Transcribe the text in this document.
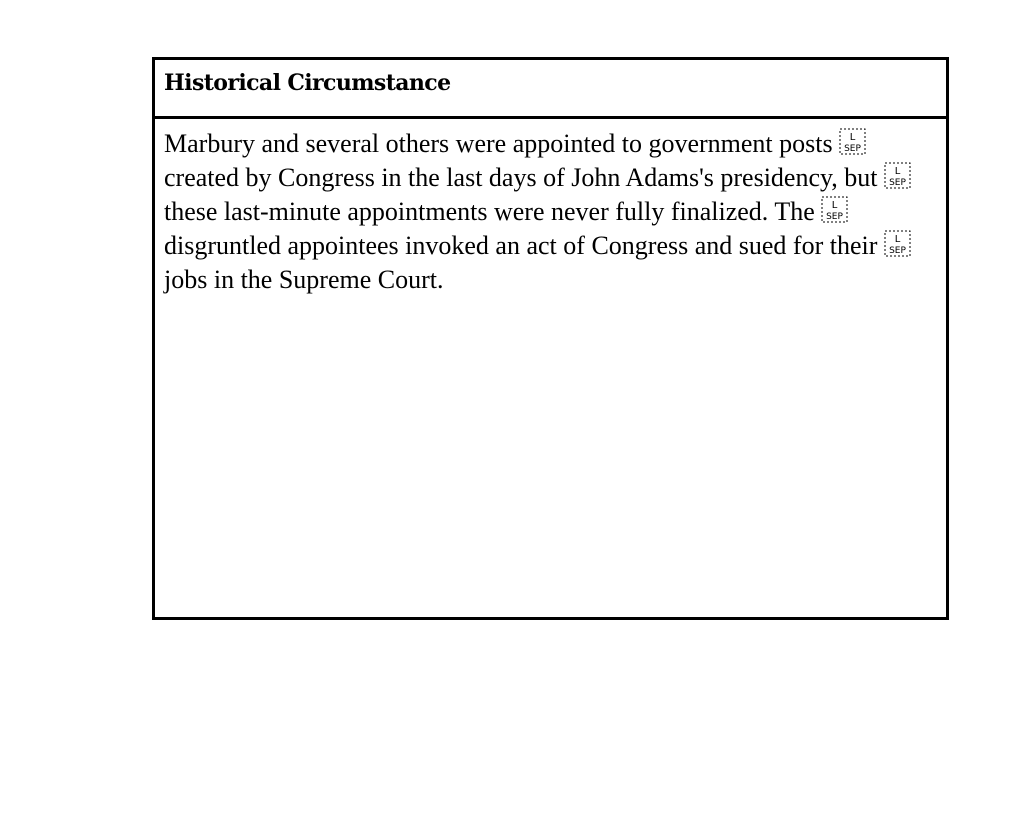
Historical Circumstance

Marbury and several others were appointed to government posts L
SEP
created by Congress in the last days of John Adams's presidency, but L
SEP
these last-minute appointments were never fully finalized. The L
SEP
disgruntled appointees invoked an act of Congress and sued for their L
SEP
jobs in the Supreme Court.
